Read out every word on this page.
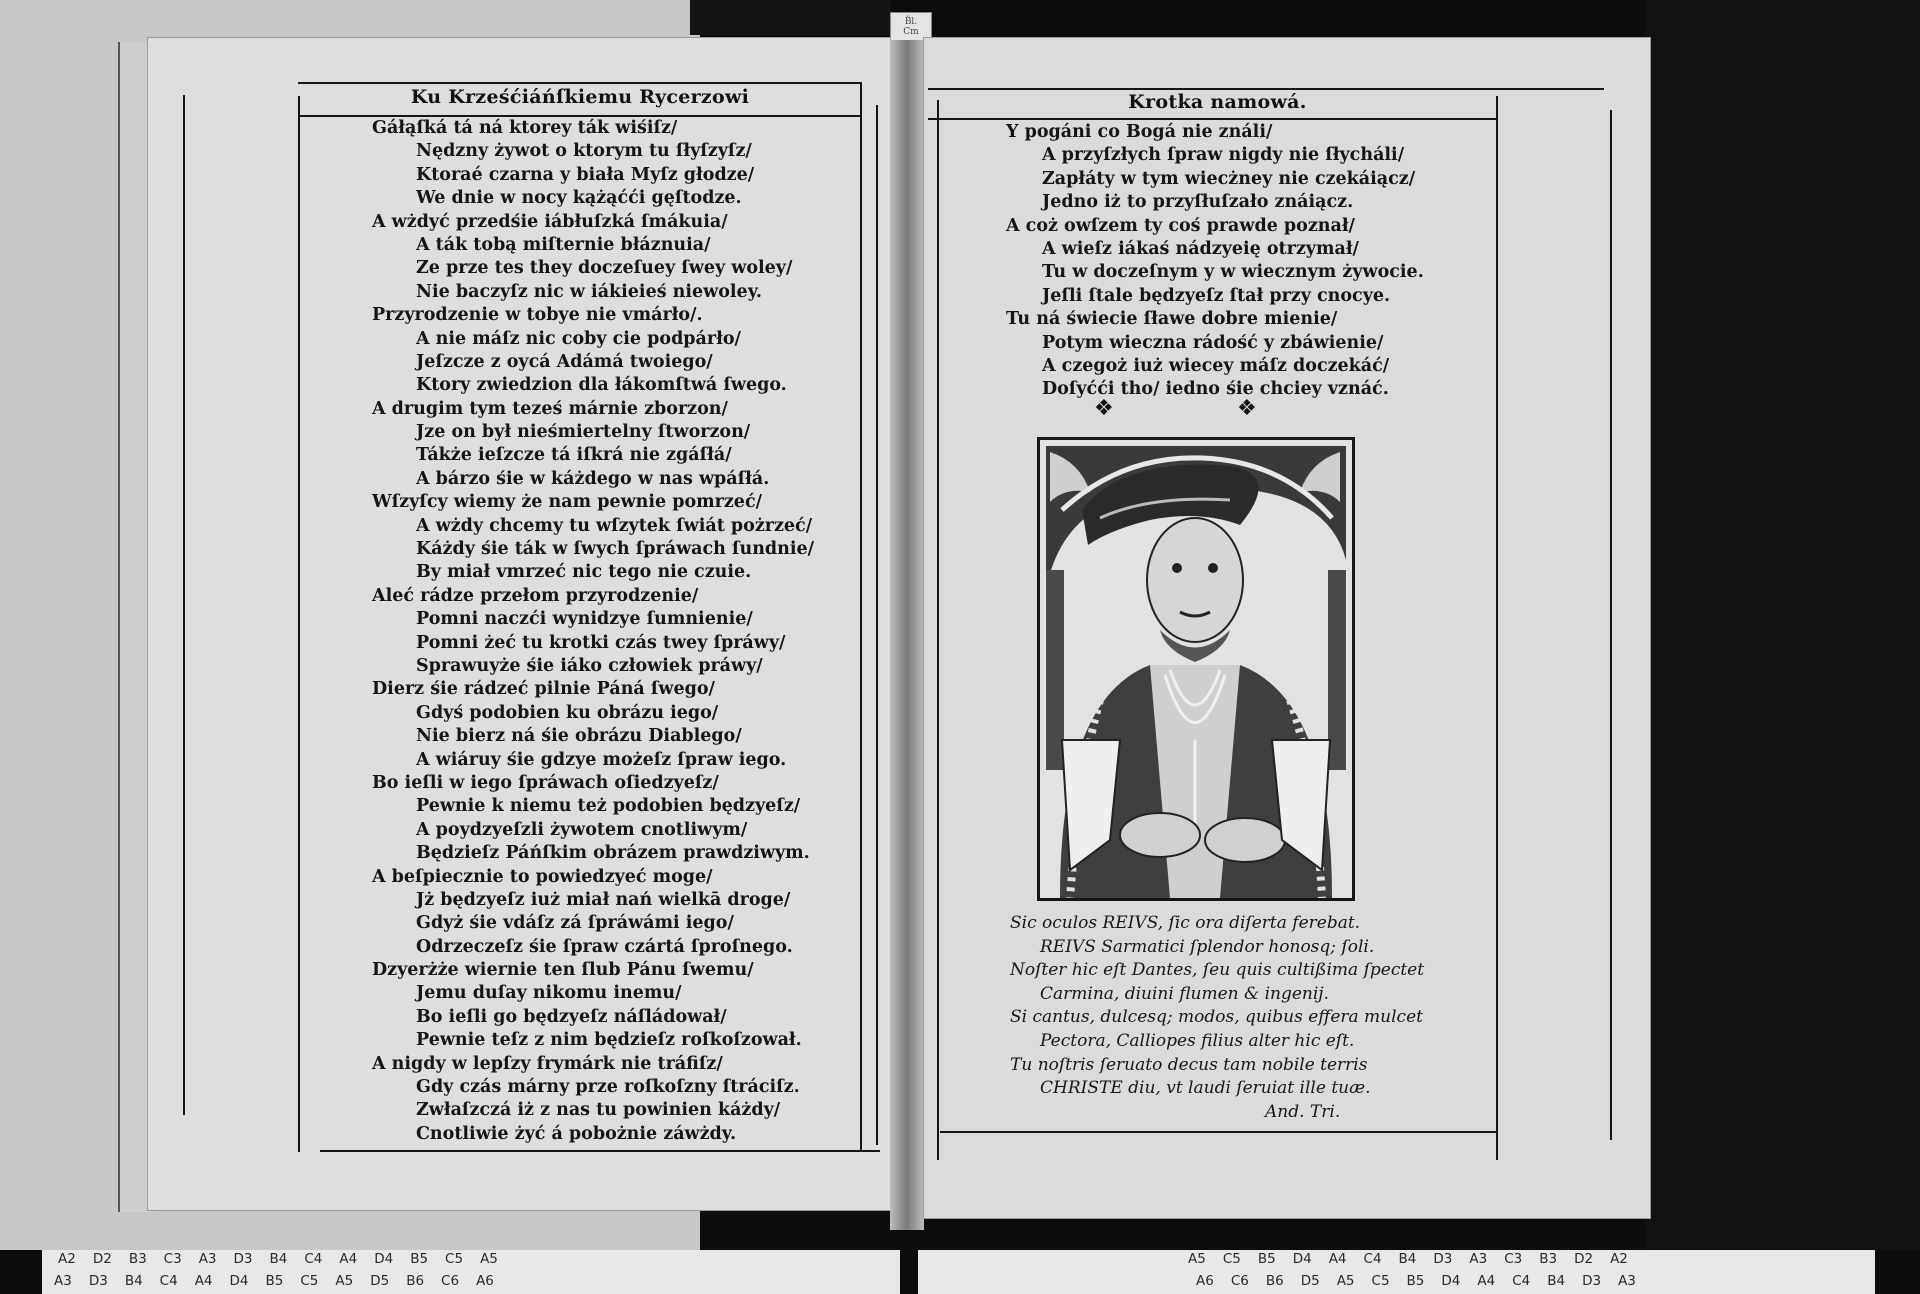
B̈l.
Cm
Ku Krześćiáńſkiemu Rycerzowi
Gáłąſká tá ná ktorey ták wiśiſz/
Nędzny żywot o ktorym tu ſłyſzyſz/
Ktoraé czarna y biała Myſz głodze/
We dnie w nocy kążąćći gęſtodze.
A wżdyć przedśie iábłuſzká ſmákuia/
A ták tobą miſternie błáznuia/
Ze prze tes they doczeſuey ſwey woley/
Nie baczyſz nic w iákieieś niewoley.
Przyrodzenie w tobye nie vmárło/.
A nie máſz nic coby cie podpárło/
Jeſzcze z oycá Adámá twoiego/
Ktory zwiedzion dla łákomſtwá ſwego.
A drugim tym teześ márnie zborzon/
Jze on był nieśmiertelny ſtworzon/
Tákże ieſzcze tá iſkrá nie zgáſłá/
A bárzo śie w káżdego w nas wpáſłá.
Wſzyſcy wiemy że nam pewnie pomrzeć/
A wżdy chcemy tu wſzytek ſwiát pożrzeć/
Káżdy śie ták w ſwych ſpráwach ſundnie/
By miał vmrzeć nic tego nie czuie.
Aleć rádze przełom przyrodzenie/
Pomni naczći wynidzye ſumnienie/
Pomni żeć tu krotki czás twey ſpráwy/
Sprawuyże śie iáko człowiek práwy/
Dierz śie rádzeć pilnie Páná ſwego/
Gdyś podobien ku obrázu iego/
Nie bierz ná śie obrázu Diablego/
A wiáruy śie gdzye możeſz ſpraw iego.
Bo ieſli w iego ſpráwach oſiedzyeſz/
Pewnie k niemu też podobien będzyeſz/
A poydzyeſzli żywotem cnotliwym/
Będzieſz Páńſkim obrázem prawdziwym.
A beſpiecznie to powiedzyeć moge/
Jż będzyeſz iuż miał nań wielkā droge/
Gdyż śie vdáſz zá ſpráwámi iego/
Odrzeczeſz śie ſpraw czártá ſproſnego.
Dzyerżże wiernie ten ſlub Pánu ſwemu/
Jemu duſay nikomu inemu/
Bo ieſli go będzyeſz náſládował/
Pewnie teſz z nim będzieſz roſkoſzował.
A nigdy w lepſzy frymárk nie tráfiſz/
Gdy czás márny prze roſkoſzny ſtráciſz.
Zwłaſzczá iż z nas tu powinien káżdy/
Cnotliwie żyć á pobożnie záwżdy.
Krotka namowá.
Y pogáni co Bogá nie ználi/
A przyſzłych ſpraw nigdy nie ſłycháli/
Zapłáty w tym wiecżney nie czekáiącz/
Jedno iż to przyſłuſzało znáiącz.
A coż owſzem ty coś prawde poznał/
A wieſz iákaś nádzyeię otrzymał/
Tu w doczeſnym y w wiecznym żywocie.
Jeſli ſtale będzyeſz ſtał przy cnocye.
Tu ná świecie ſławe dobre mienie/
Potym wieczna rádość y zbáwienie/
A czegoż iuż wiecey máſz doczekáć/
Doſyćći tho/ iedno śie chciey vznáć.
❖	❖
Sic oculos REIVS, ſic ora diſerta ferebat.
REIVS Sarmatici ſplendor honosq; ſoli.
Noſter hic eſt Dantes, ſeu quis cultißima ſpectet
Carmina, diuini flumen & ingenij.
Si cantus, dulcesq; modos, quibus effera mulcet
Pectora, Calliopes filius alter hic eſt.
Tu noſtris ſeruato decus tam nobile terris
CHRISTE diu, vt laudi ſeruiat ille tuæ.
And. Tri.
A2 D2 B3 C3 A3 D3 B4 C4 A4 D4 B5 C5 A5
A3 D3 B4 C4 A4 D4 B5 C5 A5 D5 B6 C6 A6
A5 C5 B5 D4 A4 C4 B4 D3 A3 C3 B3 D2 A2
A6 C6 B6 D5 A5 C5 B5 D4 A4 C4 B4 D3 A3
